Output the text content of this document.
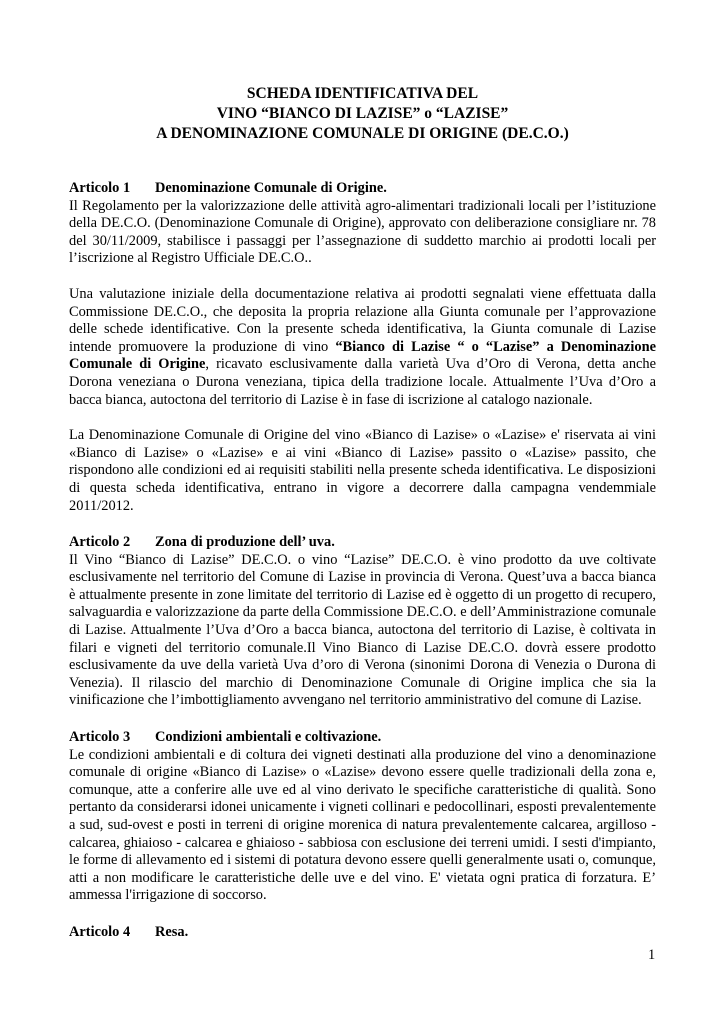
SCHEDA IDENTIFICATIVA DEL
VINO “BIANCO DI LAZISE” o “LAZISE”
A DENOMINAZIONE COMUNALE DI ORIGINE (DE.C.O.)
Articolo 1 Denominazione Comunale di Origine.

Il Regolamento per la valorizzazione delle attività agro-alimentari tradizionali locali per l’istituzione della DE.C.O. (Denominazione Comunale di Origine), approvato con deliberazione consigliare nr. 78 del 30/11/2009, stabilisce i passaggi per l’assegnazione di suddetto marchio ai prodotti locali per l’iscrizione al Registro Ufficiale DE.C.O..

Una valutazione iniziale della documentazione relativa ai prodotti segnalati viene effettuata dalla Commissione DE.C.O., che deposita la propria relazione alla Giunta comunale per l’approvazione delle schede identificative. Con la presente scheda identificativa, la Giunta comunale di Lazise intende promuovere la produzione di vino “Bianco di Lazise “ o “Lazise” a Denominazione Comunale di Origine, ricavato esclusivamente dalla varietà Uva d’Oro di Verona, detta anche Dorona veneziana o Durona veneziana, tipica della tradizione locale. Attualmente l’Uva d’Oro a bacca bianca, autoctona del territorio di Lazise è in fase di iscrizione al catalogo nazionale.

La Denominazione Comunale di Origine del vino «Bianco di Lazise» o «Lazise» e' riservata ai vini «Bianco di Lazise» o «Lazise» e ai vini «Bianco di Lazise» passito o «Lazise» passito, che rispondono alle condizioni ed ai requisiti stabiliti nella presente scheda identificativa. Le disposizioni di questa scheda identificativa, entrano in vigore a decorrere dalla campagna vendemmiale 2011/2012.

Articolo 2 Zona di produzione dell’ uva.

Il Vino “Bianco di Lazise” DE.C.O. o vino “Lazise” DE.C.O. è vino prodotto da uve coltivate esclusivamente nel territorio del Comune di Lazise in provincia di Verona. Quest’uva a bacca bianca è attualmente presente in zone limitate del territorio di Lazise ed è oggetto di un progetto di recupero, salvaguardia e valorizzazione da parte della Commissione DE.C.O. e dell’Amministrazione comunale di Lazise. Attualmente l’Uva d’Oro a bacca bianca, autoctona del territorio di Lazise, è coltivata in filari e vigneti del territorio comunale.Il Vino Bianco di Lazise DE.C.O. dovrà essere prodotto esclusivamente da uve della varietà Uva d’oro di Verona (sinonimi Dorona di Venezia o Durona di Venezia). Il rilascio del marchio di Denominazione Comunale di Origine implica che sia la vinificazione che l’imbottigliamento avvengano nel territorio amministrativo del comune di Lazise.

Articolo 3 Condizioni ambientali e coltivazione.

Le condizioni ambientali e di coltura dei vigneti destinati alla produzione del vino a denominazione comunale di origine «Bianco di Lazise» o «Lazise» devono essere quelle tradizionali della zona e, comunque, atte a conferire alle uve ed al vino derivato le specifiche caratteristiche di qualità. Sono pertanto da considerarsi idonei unicamente i vigneti collinari e pedocollinari, esposti prevalentemente a sud, sud-ovest e posti in terreni di origine morenica di natura prevalentemente calcarea, argilloso - calcarea, ghiaioso - calcarea e ghiaioso - sabbiosa con esclusione dei terreni umidi. I sesti d'impianto, le forme di allevamento ed i sistemi di potatura devono essere quelli generalmente usati o, comunque, atti a non modificare le caratteristiche delle uve e del vino. E' vietata ogni pratica di forzatura. E’ ammessa l'irrigazione di soccorso.

Articolo 4 Resa.
1
